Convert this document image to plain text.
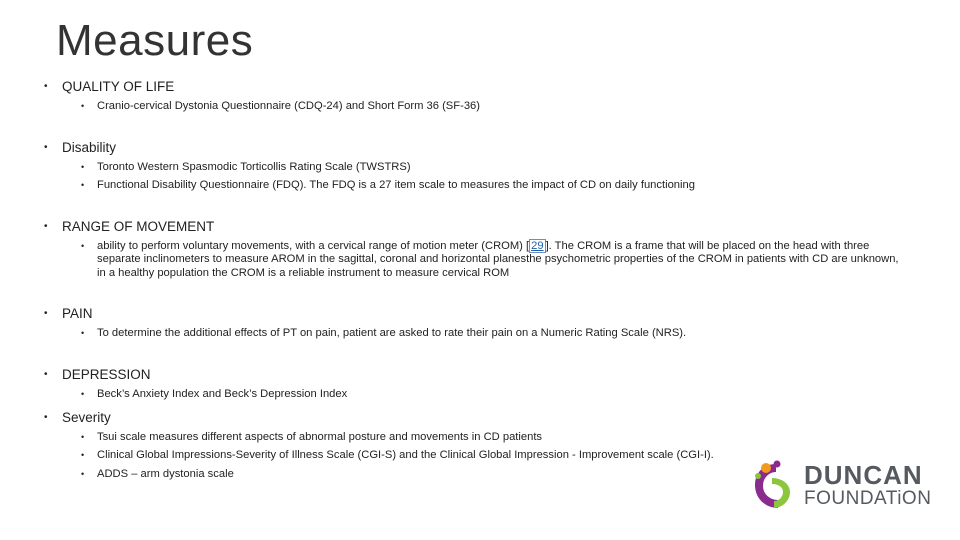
Measures
• QUALITY OF LIFE
• Cranio-cervical Dystonia Questionnaire (CDQ-24) and Short Form 36 (SF-36)
• Disability
• Toronto Western Spasmodic Torticollis Rating Scale (TWSTRS)
• Functional Disability Questionnaire (FDQ). The FDQ is a 27 item scale to measures the impact of CD on daily functioning
• RANGE OF MOVEMENT
• ability to perform voluntary movements, with a cervical range of motion meter (CROM) [ 29 ]. The CROM is a frame that will be placed on the head with three separate inclinometers to measure AROM in the sagittal, coronal and horizontal planesthe psychometric properties of the CROM in patients with CD are unknown, in a healthy population the CROM is a reliable instrument to measure cervical ROM
• PAIN
• To determine the additional effects of PT on pain, patient are asked to rate their pain on a Numeric Rating Scale (NRS).
• DEPRESSION
• Beck’s Anxiety Index and Beck’s Depression Index
• Severity
• Tsui scale measures different aspects of abnormal posture and movements in CD patients
• Clinical Global Impressions-Severity of Illness Scale (CGI-S) and the Clinical Global Impression - Improvement scale (CGI-I).
• ADDS – arm dystonia scale	DUNCAN
FOUNDATiON
